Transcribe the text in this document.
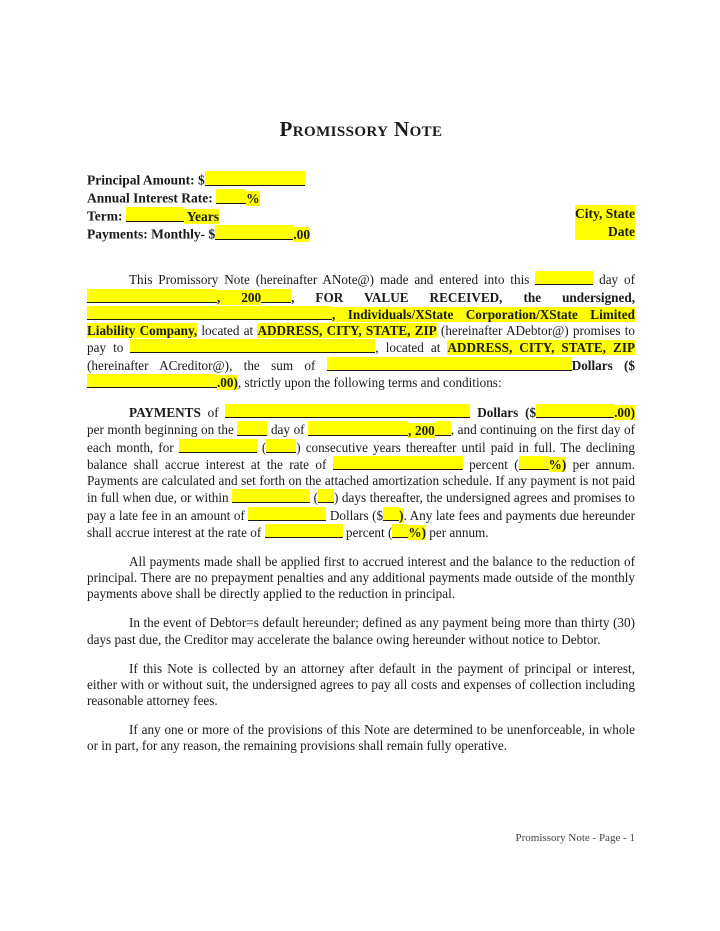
Promissory Note
Principal Amount: $
Annual Interest Rate: %
Term:	Years
Payments: Monthly- $	.00
City, State
Date

This Promissory Note (hereinafter ANote@) made and entered into this	day of , 200 , FOR VALUE RECEIVED, the undersigned, , Individuals/XState Corporation/XState Limited Liability Company, located at ADDRESS, CITY, STATE, ZIP (hereinafter ADebtor@) promises to pay to	, located at ADDRESS, CITY, STATE, ZIP (hereinafter ACreditor@), the sum of	Dollars ($.00), strictly upon the following terms and conditions:

PAYMENTS of	Dollars ($	.00) per month beginning on the  day of	, 200 , and continuing on the first day of each month, for	( ) consecutive years thereafter until paid in full. The declining balance shall accrue interest at the rate of	percent ( %) per annum. Payments are calculated and set forth on the attached amortization schedule. If any payment is not paid in full when due, or within	( ) days thereafter, the undersigned agrees and promises to pay a late fee in an amount of	Dollars ($ ). Any late fees and payments due hereunder shall accrue interest at the rate of	percent ( %) per annum.

All payments made shall be applied first to accrued interest and the balance to the reduction of principal. There are no prepayment penalties and any additional payments made outside of the monthly payments above shall be directly applied to the reduction in principal.

In the event of Debtor=s default hereunder; defined as any payment being more than thirty (30) days past due, the Creditor may accelerate the balance owing hereunder without notice to Debtor.

If this Note is collected by an attorney after default in the payment of principal or interest, either with or without suit, the undersigned agrees to pay all costs and expenses of collection including reasonable attorney fees.

If any one or more of the provisions of this Note are determined to be unenforceable, in whole or in part, for any reason, the remaining provisions shall remain fully operative.

Promissory Note - Page - 1
